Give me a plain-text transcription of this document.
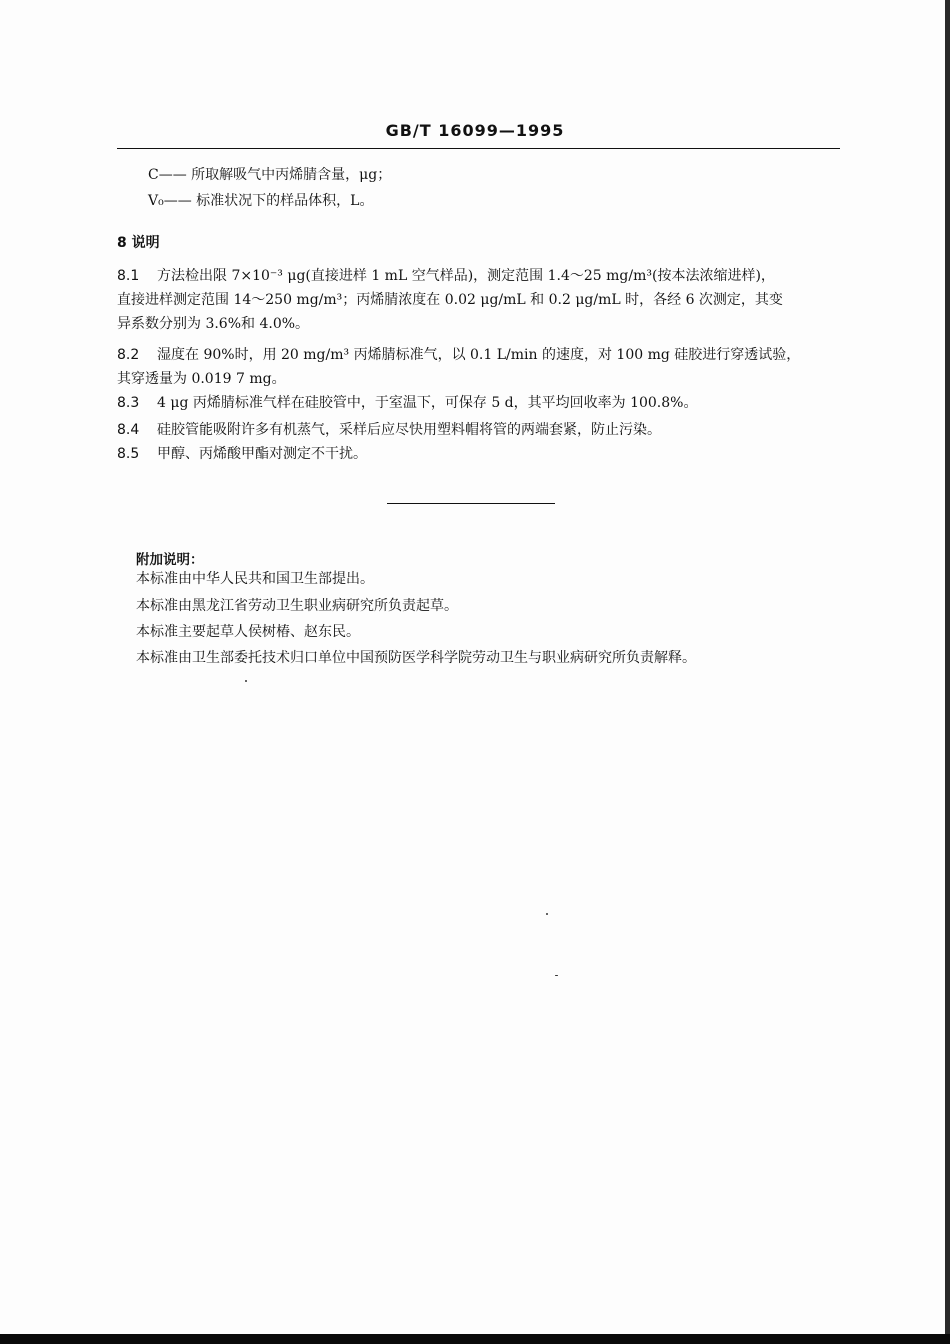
GB/T 16099—1995
C—— 所取解吸气中丙烯腈含量，μg；
V₀—— 标准状况下的样品体积，L。
8 说明
8.1 方法检出限 7×10⁻³ μg(直接进样 1 mL 空气样品)，测定范围 1.4～25 mg/m³(按本法浓缩进样)，
直接进样测定范围 14～250 mg/m³；丙烯腈浓度在 0.02 μg/mL 和 0.2 μg/mL 时，各经 6 次测定，其变
异系数分别为 3.6%和 4.0%。
8.2 湿度在 90%时，用 20 mg/m³ 丙烯腈标准气，以 0.1 L/min 的速度，对 100 mg 硅胶进行穿透试验，
其穿透量为 0.019 7 mg。
8.3 4 μg 丙烯腈标准气样在硅胶管中，于室温下，可保存 5 d，其平均回收率为 100.8%。
8.4 硅胶管能吸附许多有机蒸气，采样后应尽快用塑料帽将管的两端套紧，防止污染。
8.5 甲醇、丙烯酸甲酯对测定不干扰。
附加说明：
本标准由中华人民共和国卫生部提出。
本标准由黑龙江省劳动卫生职业病研究所负责起草。
本标准主要起草人侯树椿、赵东民。
本标准由卫生部委托技术归口单位中国预防医学科学院劳动卫生与职业病研究所负责解释。
